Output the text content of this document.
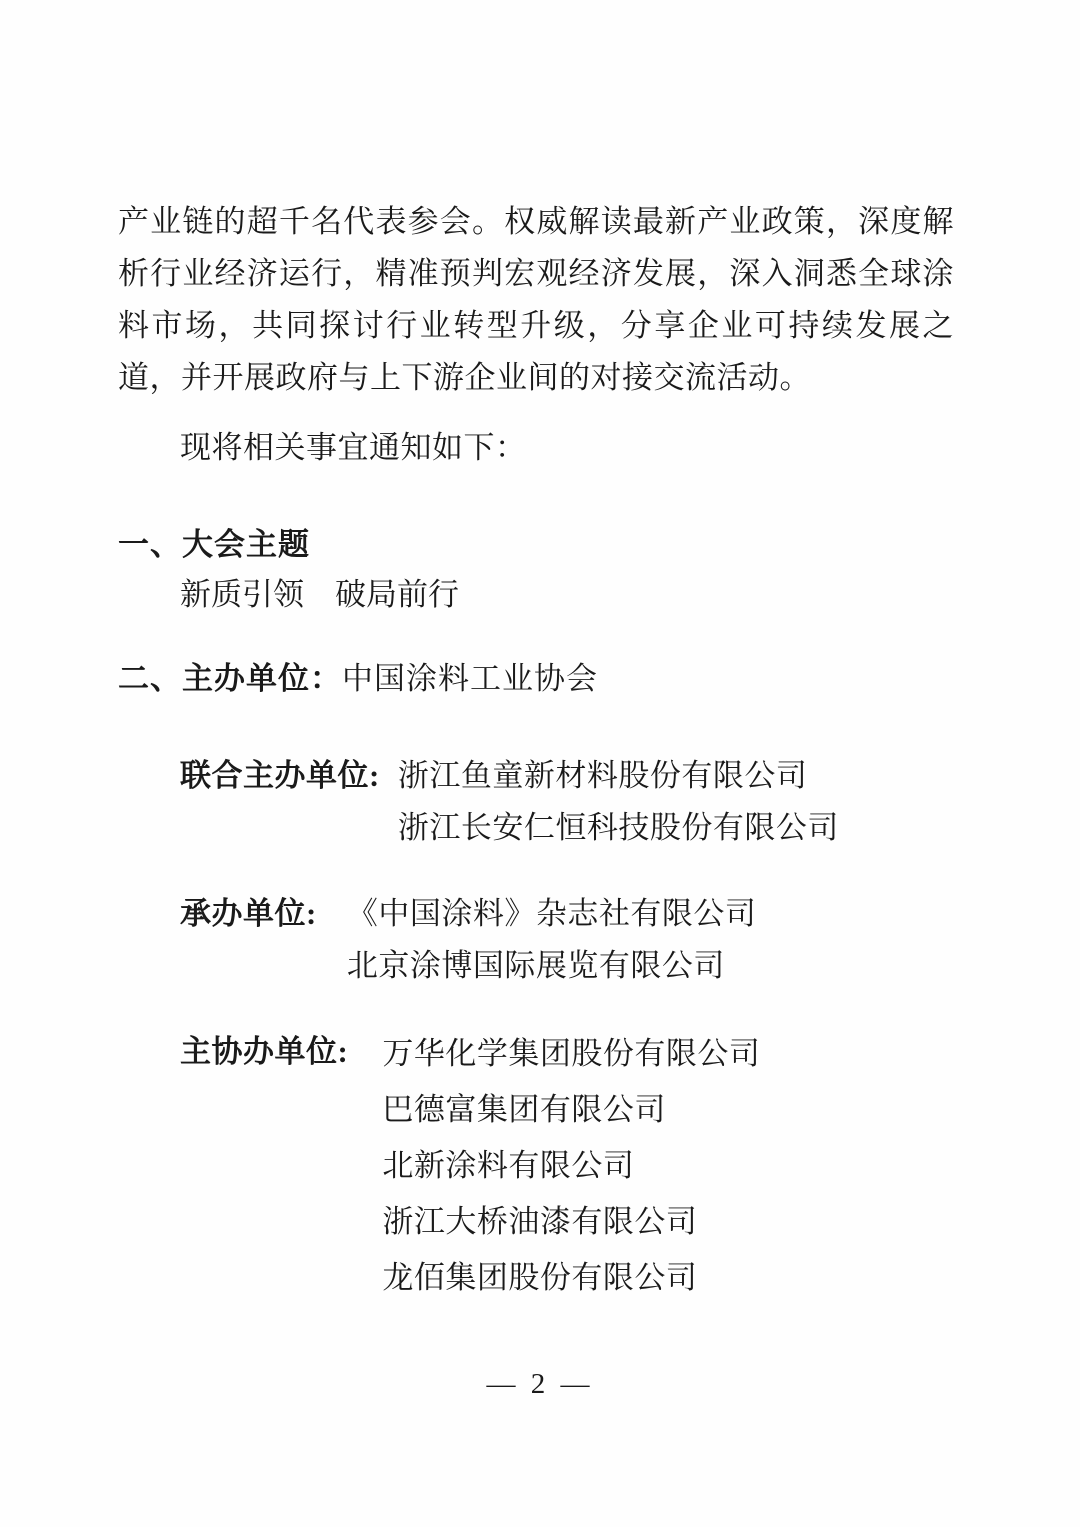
产业链的超千名代表参会。权威解读最新产业政策，深度解析行业经济运行，精准预判宏观经济发展，深入洞悉全球涂料市场，共同探讨行业转型升级，分享企业可持续发展之道，并开展政府与上下游企业间的对接交流活动。

现将相关事宜通知如下：

一、大会主题

新质引领　破局前行

二、主办单位：中国涂料工业协会

联合主办单位: 浙江鱼童新材料股份有限公司
浙江长安仁恒科技股份有限公司
承办单位: 《中国涂料》杂志社有限公司
北京涂博国际展览有限公司
主协办单位: 万华化学集团股份有限公司
巴德富集团有限公司
北新涂料有限公司
浙江大桥油漆有限公司
龙佰集团股份有限公司
— 2 —
